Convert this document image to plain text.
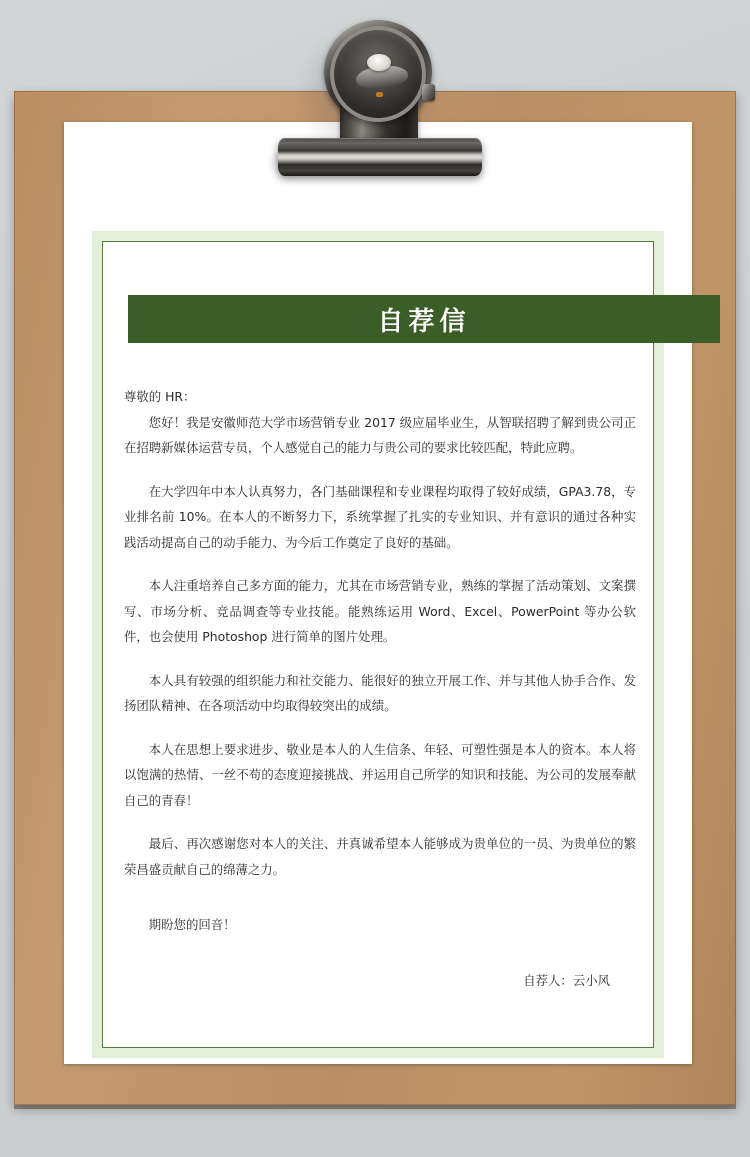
自荐信
尊敬的 HR：
您好！我是安徽师范大学市场营销专业 2017 级应届毕业生，从智联招聘了解到贵公司正在招聘新媒体运营专员，个人感觉自己的能力与贵公司的要求比较匹配，特此应聘。
在大学四年中本人认真努力，各门基础课程和专业课程均取得了较好成绩，GPA3.78，专业排名前 10%。在本人的不断努力下，系统掌握了扎实的专业知识、并有意识的通过各种实践活动提高自己的动手能力、为今后工作奠定了良好的基础。
本人注重培养自己多方面的能力，尤其在市场营销专业，熟练的掌握了活动策划、文案撰写、市场分析、竞品调查等专业技能。能熟练运用 Word、Excel、PowerPoint 等办公软件，也会使用 Photoshop 进行简单的图片处理。
本人具有较强的组织能力和社交能力、能很好的独立开展工作、并与其他人协手合作、发扬团队精神、在各项活动中均取得较突出的成绩。
本人在思想上要求进步、敬业是本人的人生信条、年轻、可塑性强是本人的资本。本人将以饱满的热情、一丝不苟的态度迎接挑战、并运用自己所学的知识和技能、为公司的发展奉献自己的青春！
最后、再次感谢您对本人的关注、并真诚希望本人能够成为贵单位的一员、为贵单位的繁荣昌盛贡献自己的绵薄之力。
期盼您的回音！
自荐人：云小风
